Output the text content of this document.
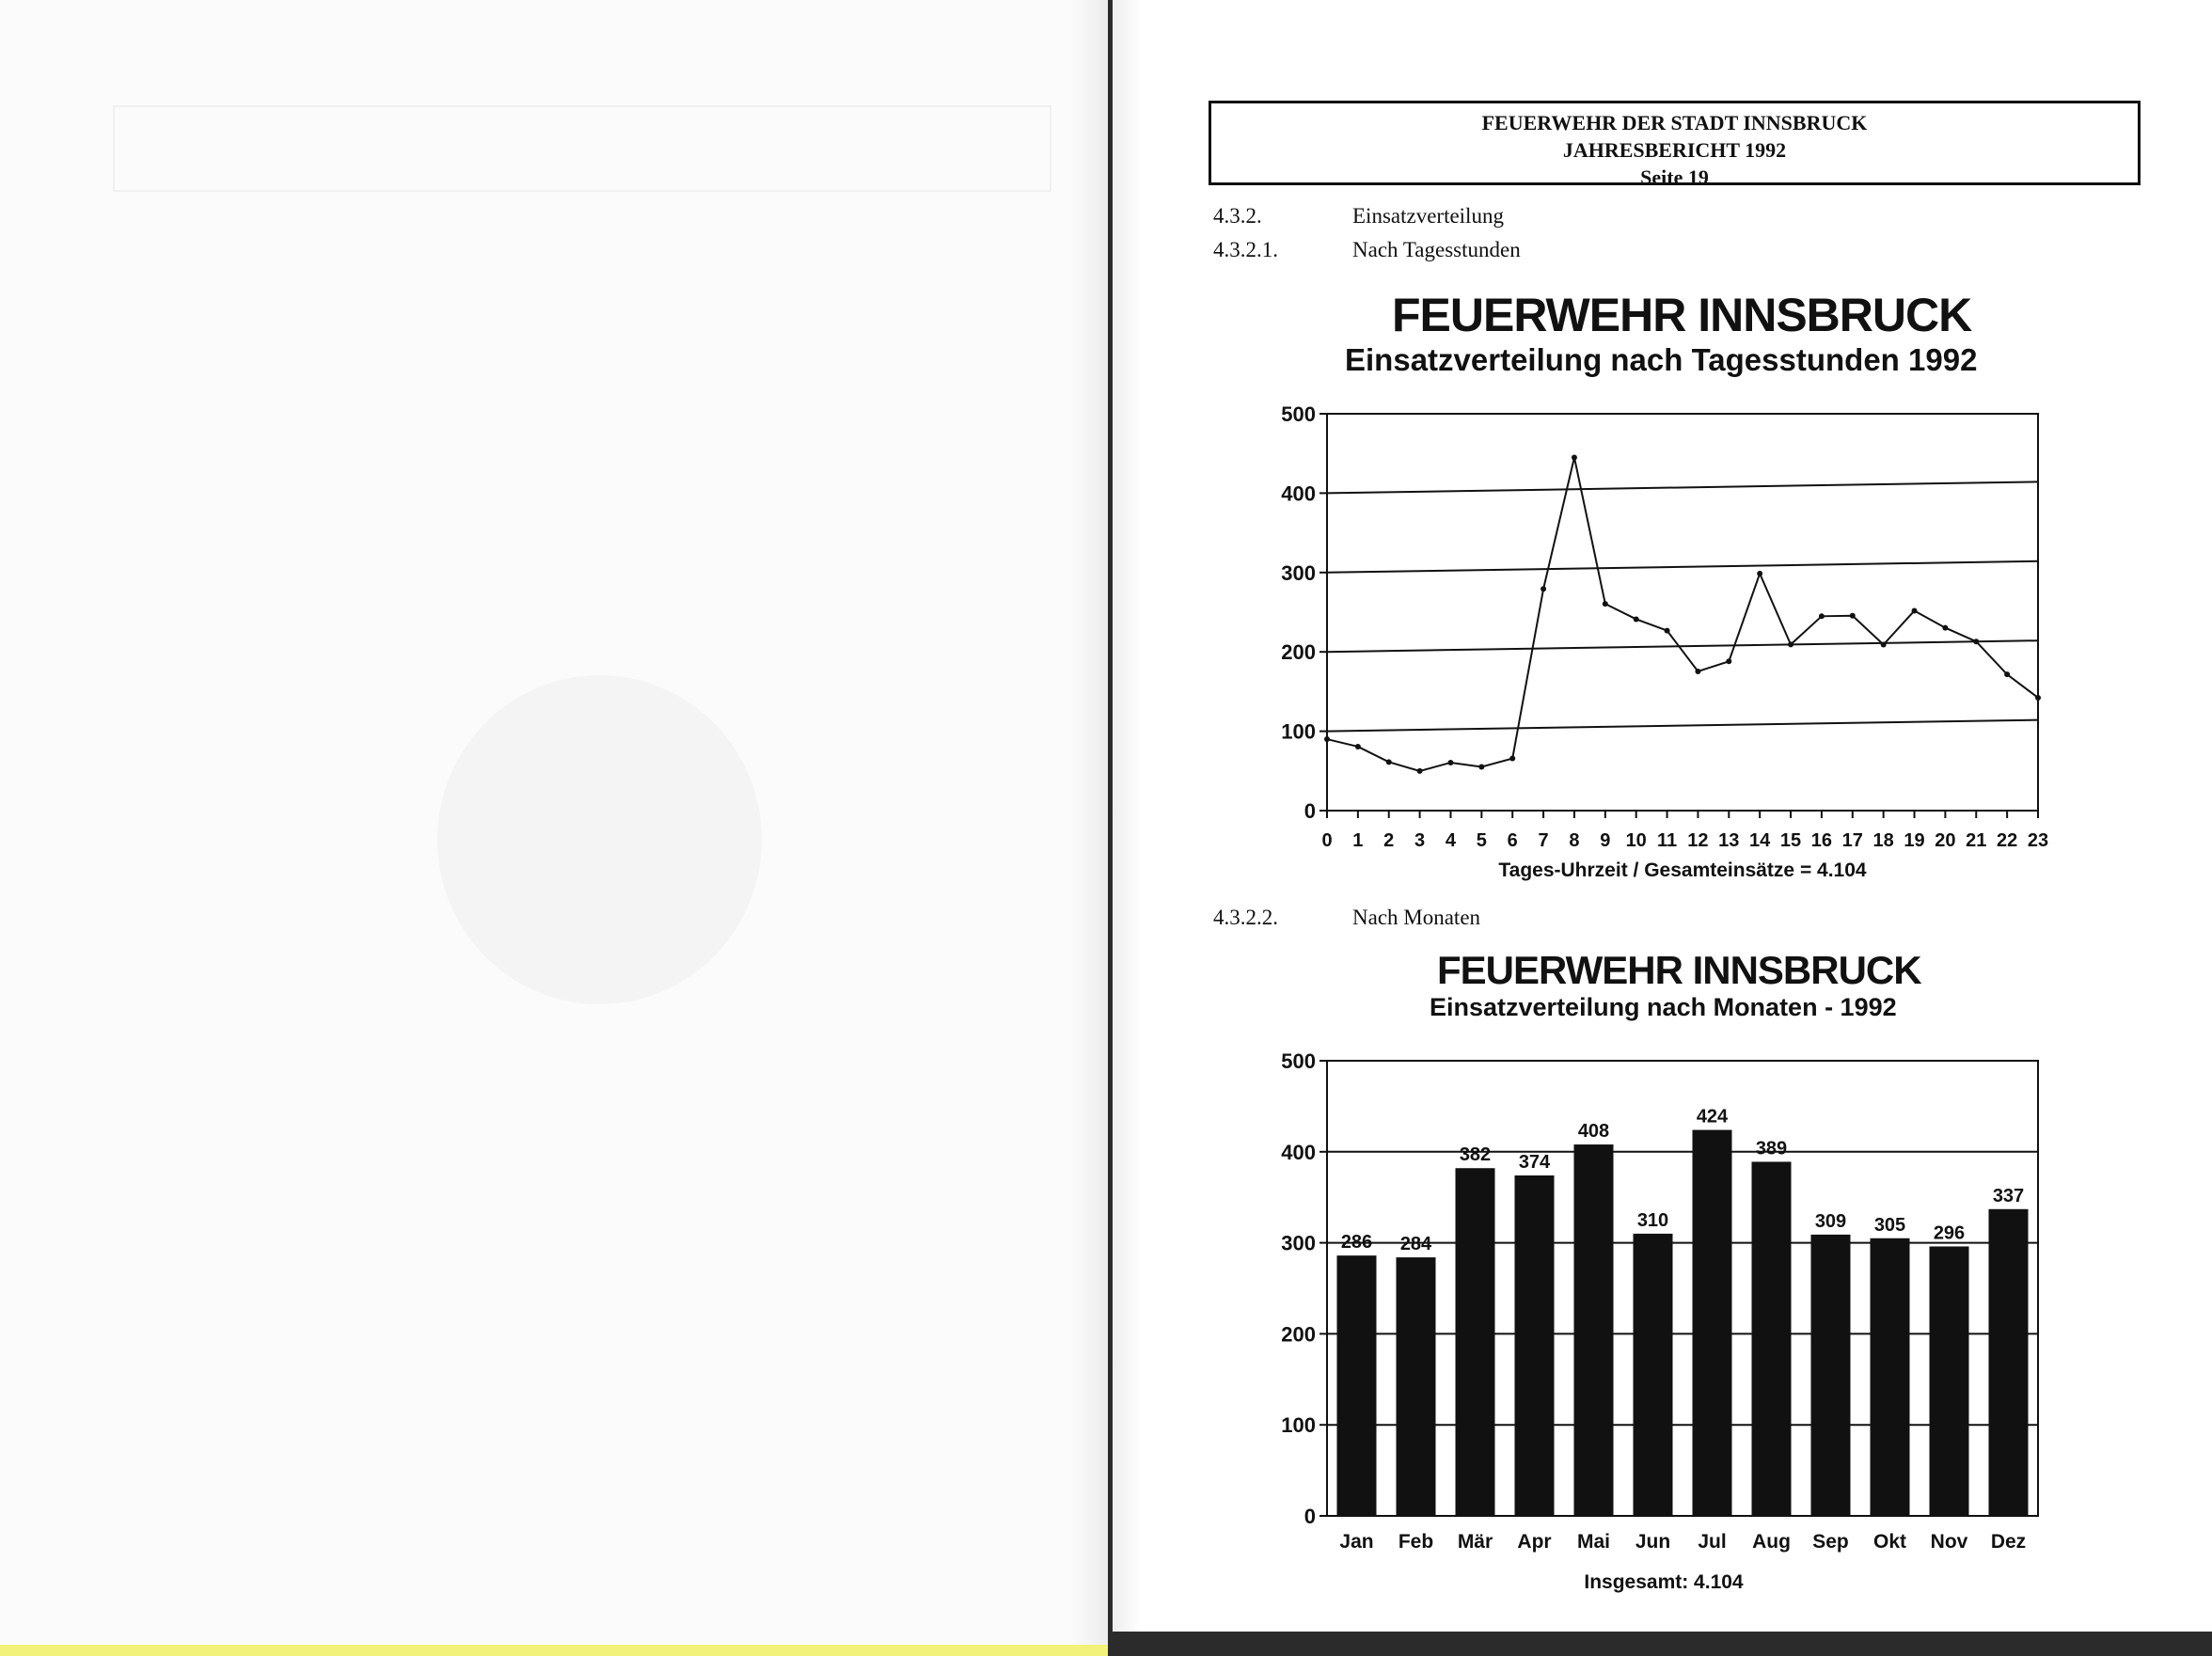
FEUERWEHR DER STADT INNSBRUCK
JAHRESBERICHT 1992
Seite 19
4.3.2.	Einsatzverteilung
4.3.2.1.	Nach Tagesstunden
4.3.2.2.	Nach Monaten
FEUERWEHR INNSBRUCK
Einsatzverteilung nach Tagesstunden 1992
FEUERWEHR INNSBRUCK
Einsatzverteilung nach Monaten - 1992
0
100
200
300
400
500
0 1 2 3 4 5 6 7 8 9 10 11 12 13 14 15 16 17 18 19 20 21 22 23
Tages-Uhrzeit / Gesamteinsätze = 4.104
0
100
200
300
400
500
286
Jan
284
Feb
382
Mär
374
Apr
408
Mai
310
Jun
424
Jul
389
Aug
309
Sep
305
Okt
296
Nov
337
Dez
Insgesamt: 4.104
